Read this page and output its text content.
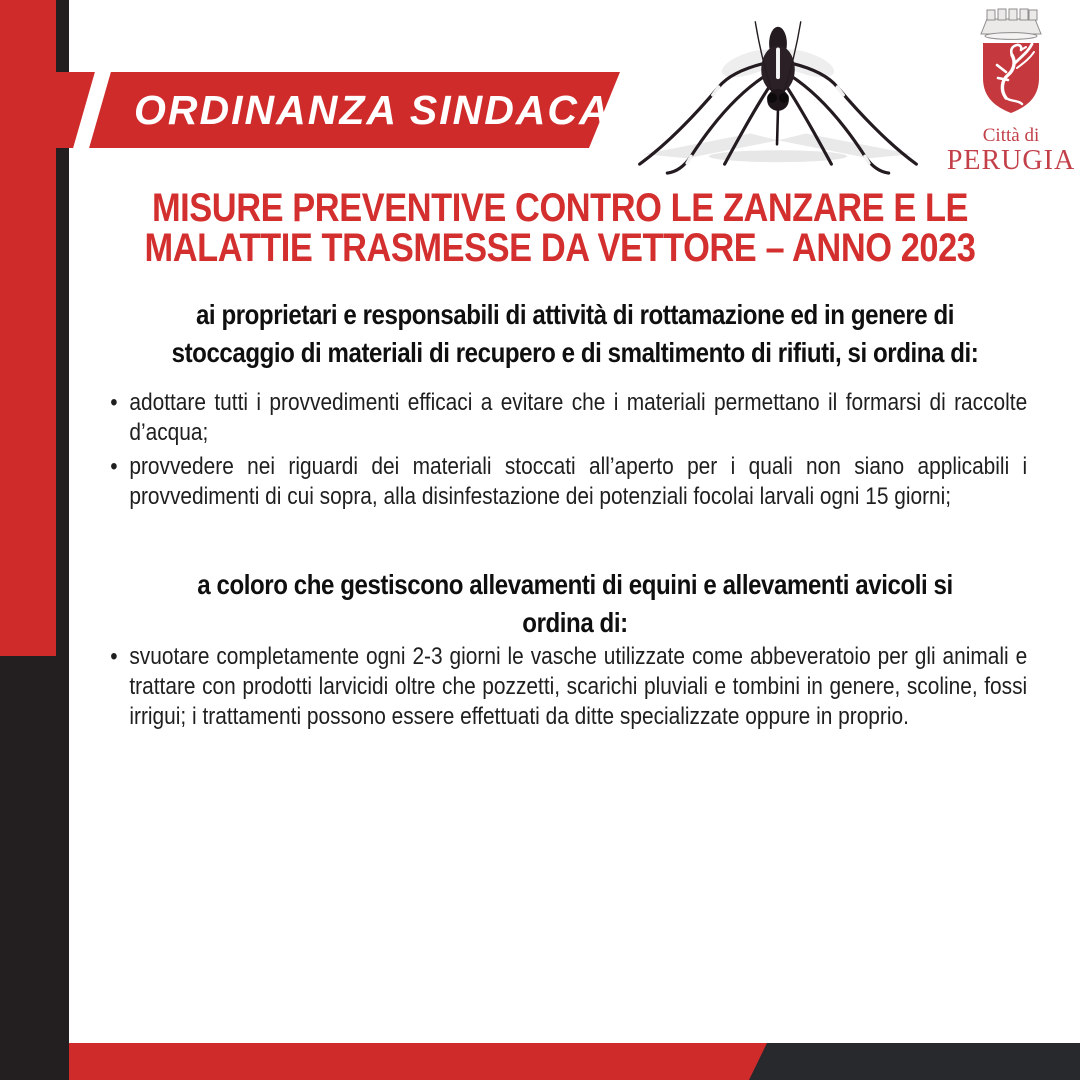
Città di
PERUGIA
ORDINANZA SINDACALE
MISURE PREVENTIVE CONTRO LE ZANZARE E LE
MALATTIE TRASMESSE DA VETTORE – ANNO 2023
ai proprietari e responsabili di attività di rottamazione ed in genere di
stoccaggio di materiali di recupero e di smaltimento di rifiuti, si ordina di:
• adottare tutti i provvedimenti efficaci a evitare che i materiali permettano il formarsi di raccolte d’acqua;
• provvedere nei riguardi dei materiali stoccati all’aperto per i quali non siano applicabili i provvedimenti di cui sopra, alla disinfestazione dei potenziali focolai larvali ogni 15 giorni;
a coloro che gestiscono allevamenti di equini e allevamenti avicoli si
ordina di:
• svuotare completamente ogni 2-3 giorni le vasche utilizzate come abbeveratoio per gli animali e trattare con prodotti larvicidi oltre che pozzetti, scarichi pluviali e tombini in genere, scoline, fossi irrigui; i trattamenti possono essere effettuati da ditte specializzate oppure in proprio.
